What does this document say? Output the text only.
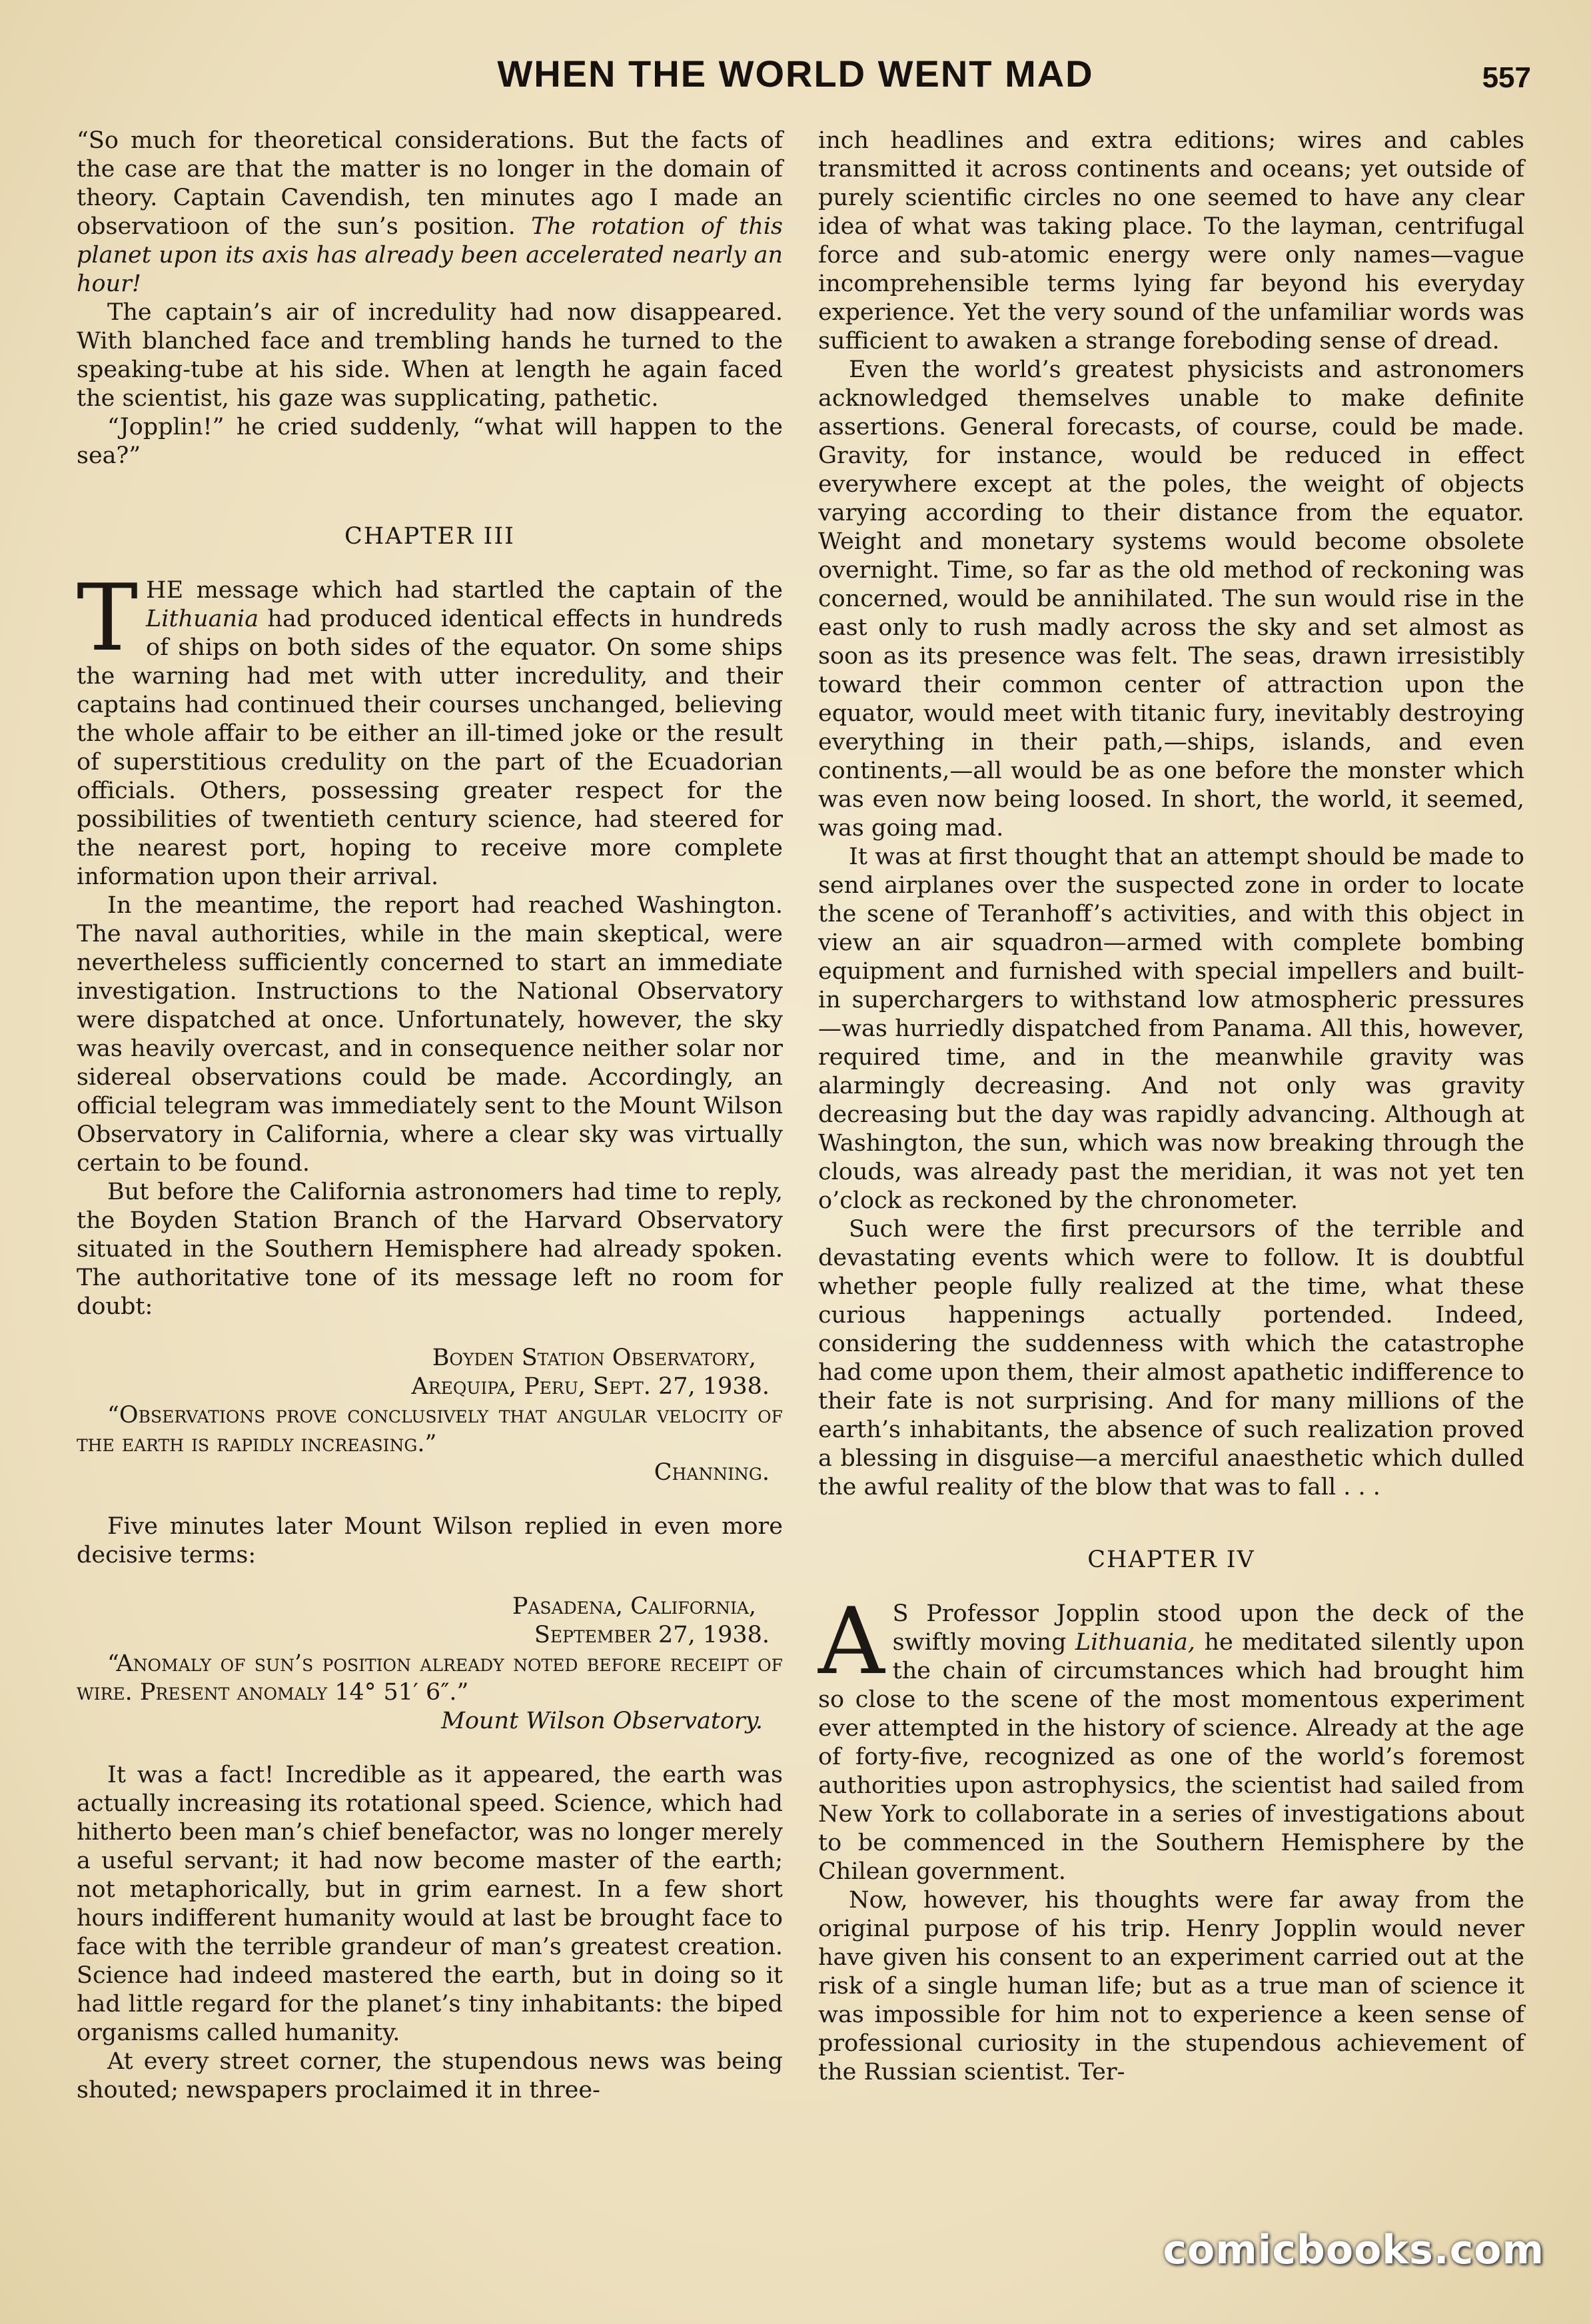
WHEN THE WORLD WENT MAD	557

“So much for theoretical considerations. But the facts of the case are that the matter is no longer in the domain of theory. Captain Cavendish, ten minutes ago I made an observatioon of the sun’s position. The rotation of this planet upon its axis has already been accelerated nearly an hour!

The captain’s air of incredulity had now disappeared. With blanched face and trembling hands he turned to the speaking-tube at his side. When at length he again faced the scientist, his gaze was supplicating, pathetic.

“Jopplin!” he cried suddenly, “what will happen to the sea?”

CHAPTER III

THE message which had startled the captain of the Lithuania had produced identical effects in hundreds of ships on both sides of the equator. On some ships the warning had met with utter incredulity, and their captains had continued their courses unchanged, believing the whole affair to be either an ill-timed joke or the result of superstitious credulity on the part of the Ecuadorian officials. Others, possessing greater respect for the possibilities of twentieth century science, had steered for the nearest port, hoping to receive more complete information upon their arrival.

In the meantime, the report had reached Washington. The naval authorities, while in the main skeptical, were nevertheless sufficiently concerned to start an immediate investigation. Instructions to the National Observatory were dispatched at once. Unfortunately, however, the sky was heavily overcast, and in consequence neither solar nor sidereal observations could be made. Accordingly, an official telegram was immediately sent to the Mount Wilson Observatory in California, where a clear sky was virtually certain to be found.

But before the California astronomers had time to reply, the Boyden Station Branch of the Harvard Observatory situated in the Southern Hemisphere had already spoken. The authoritative tone of its message left no room for doubt:

Boyden Station Observatory,
Arequipa, Peru, Sept. 27, 1938.
“Observations prove conclusively that angular velocity of the earth is rapidly increasing.”
Channing.

Five minutes later Mount Wilson replied in even more decisive terms:

Pasadena, California,
September 27, 1938.
“Anomaly of sun’s position already noted before receipt of wire. Present anomaly 14° 51′ 6″.”
Mount Wilson Observatory.

It was a fact! Incredible as it appeared, the earth was actually increasing its rotational speed. Science, which had hitherto been man’s chief benefactor, was no longer merely a useful servant; it had now become master of the earth; not metaphorically, but in grim earnest. In a few short hours indifferent humanity would at last be brought face to face with the terrible grandeur of man’s greatest creation. Science had indeed mastered the earth, but in doing so it had little regard for the planet’s tiny inhabitants: the biped organisms called humanity.

At every street corner, the stupendous news was being shouted; newspapers proclaimed it in three-

inch headlines and extra editions; wires and cables transmitted it across continents and oceans; yet outside of purely scientific circles no one seemed to have any clear idea of what was taking place. To the layman, centrifugal force and sub-atomic energy were only names—vague incomprehensible terms lying far beyond his everyday experience. Yet the very sound of the unfamiliar words was sufficient to awaken a strange foreboding sense of dread.

Even the world’s greatest physicists and astronomers acknowledged themselves unable to make definite assertions. General forecasts, of course, could be made. Gravity, for instance, would be reduced in effect everywhere except at the poles, the weight of objects varying according to their distance from the equator. Weight and monetary systems would become obsolete overnight. Time, so far as the old method of reckoning was concerned, would be annihilated. The sun would rise in the east only to rush madly across the sky and set almost as soon as its presence was felt. The seas, drawn irresistibly toward their common center of attraction upon the equator, would meet with titanic fury, inevitably destroying everything in their path,—ships, islands, and even continents,—all would be as one before the monster which was even now being loosed. In short, the world, it seemed, was going mad.

It was at first thought that an attempt should be made to send airplanes over the suspected zone in order to locate the scene of Teranhoff’s activities, and with this object in view an air squadron—armed with complete bombing equipment and furnished with special impellers and built-in superchargers to withstand low atmospheric pressures—was hurriedly dispatched from Panama. All this, however, required time, and in the meanwhile gravity was alarmingly decreasing. And not only was gravity decreasing but the day was rapidly advancing. Although at Washington, the sun, which was now breaking through the clouds, was already past the meridian, it was not yet ten o’clock as reckoned by the chronometer.

Such were the first precursors of the terrible and devastating events which were to follow. It is doubtful whether people fully realized at the time, what these curious happenings actually portended. Indeed, considering the suddenness with which the catastrophe had come upon them, their almost apathetic indifference to their fate is not surprising. And for many millions of the earth’s inhabitants, the absence of such realization proved a blessing in disguise—a merciful anaesthetic which dulled the awful reality of the blow that was to fall . . .

CHAPTER IV

A S Professor Jopplin stood upon the deck of the swiftly moving Lithuania, he meditated silently upon the chain of circumstances which had brought him so close to the scene of the most momentous experiment ever attempted in the history of science. Already at the age of forty-five, recognized as one of the world’s foremost authorities upon astrophysics, the scientist had sailed from New York to collaborate in a series of investigations about to be commenced in the Southern Hemisphere by the Chilean government.

Now, however, his thoughts were far away from the original purpose of his trip. Henry Jopplin would never have given his consent to an experiment carried out at the risk of a single human life; but as a true man of science it was impossible for him not to experience a keen sense of professional curiosity in the stupendous achievement of the Russian scientist. Ter-

comicbooks.com
